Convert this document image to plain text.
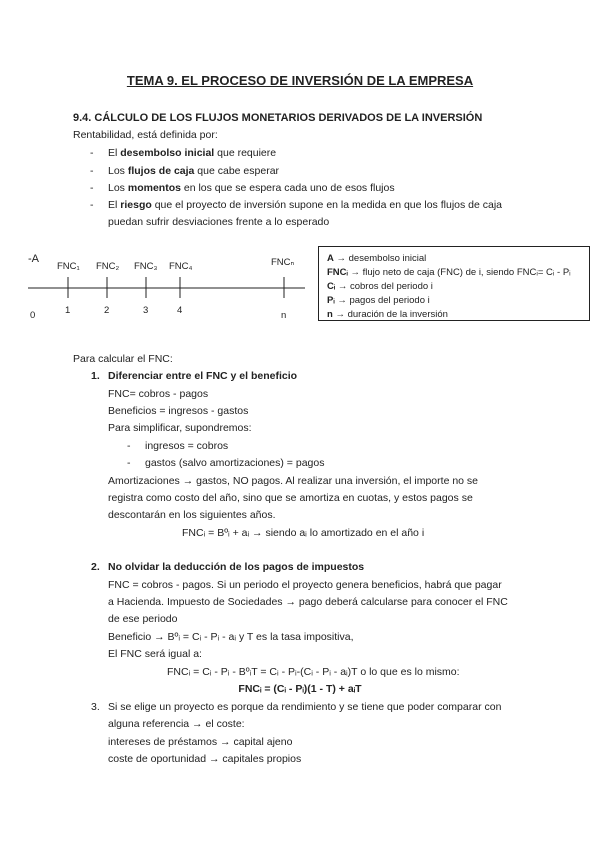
TEMA 9. EL PROCESO DE INVERSIÓN DE LA EMPRESA
9.4. CÁLCULO DE LOS FLUJOS MONETARIOS DERIVADOS DE LA INVERSIÓN
Rentabilidad, está definida por:
- El desembolso inicial que requiere
- Los flujos de caja que cabe esperar
- Los momentos en los que se espera cada uno de esos flujos
- El riesgo que el proyecto de inversión supone en la medida en que los flujos de caja
puedan sufrir desviaciones frente a lo esperado
-A
FNC₁ FNC₂ FNC₃ FNC₄	FNCₙ
0	1	2	3	4	n
A → desembolso inicial
FNCᵢ → flujo neto de caja (FNC) de i, siendo FNCᵢ= Cᵢ - Pᵢ
Cᵢ → cobros del periodo i
Pᵢ → pagos del periodo i
n → duración de la inversión
Para calcular el FNC:
1. Diferenciar entre el FNC y el beneficio
FNC= cobros - pagos
Beneficios = ingresos - gastos
Para simplificar, supondremos:
- ingresos = cobros
- gastos (salvo amortizaciones) = pagos
Amortizaciones → gastos, NO pagos. Al realizar una inversión, el importe no se
registra como costo del año, sino que se amortiza en cuotas, y estos pagos se
descontarán en los siguientes años.
FNCᵢ = Bºᵢ + aᵢ → siendo aᵢ lo amortizado en el año i
2. No olvidar la deducción de los pagos de impuestos
FNC = cobros - pagos. Si un periodo el proyecto genera beneficios, habrá que pagar
a Hacienda. Impuesto de Sociedades → pago deberá calcularse para conocer el FNC
de ese periodo
Beneficio → Bºᵢ = Cᵢ - Pᵢ - aᵢ y T es la tasa impositiva,
El FNC será igual a:
FNCᵢ = Cᵢ - Pᵢ - BºᵢT = Cᵢ - Pᵢ-(Cᵢ - Pᵢ - aᵢ)T o lo que es lo mismo:
FNCᵢ = (Cᵢ - Pᵢ)(1 - T) + aᵢT
3. Si se elige un proyecto es porque da rendimiento y se tiene que poder comparar con
alguna referencia → el coste:
intereses de préstamos → capital ajeno
coste de oportunidad → capitales propios
